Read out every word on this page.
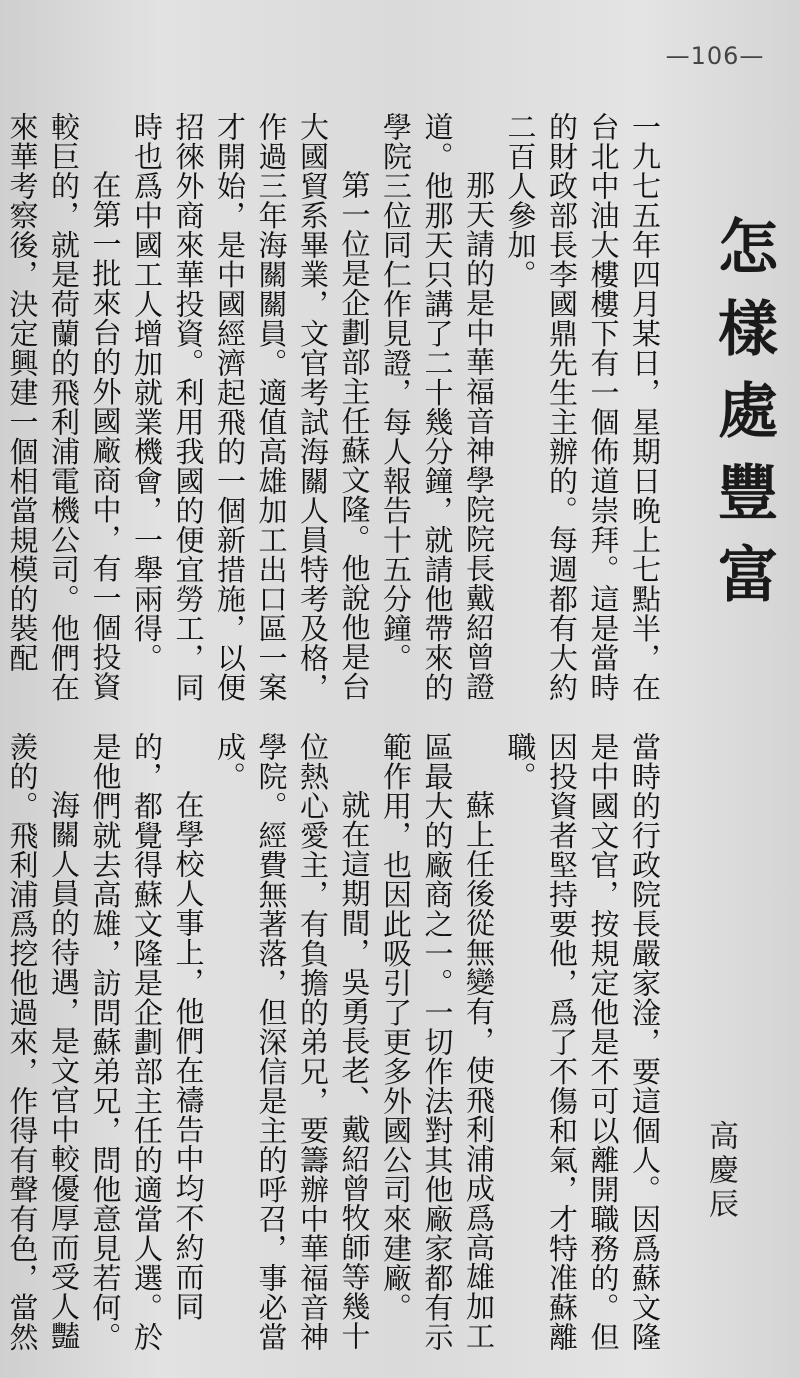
—106—
怎樣處豐富

一九七五年四月某日，星期日晚上七點半，在台北中油大樓樓下有一個佈道崇拜。這是當時的財政部長李國鼎先生主辦的。每週都有大約二百人參加。

那天請的是中華福音神學院院長戴紹曾證道。他那天只講了二十幾分鐘，就請他帶來的學院三位同仁作見證，每人報告十五分鐘。

第一位是企劃部主任蘇文隆。他說他是台大國貿系畢業，文官考試海關人員特考及格，作過三年海關關員。適值高雄加工出口區一案才開始，是中國經濟起飛的一個新措施，以便招徠外商來華投資。利用我國的便宜勞工，同時也爲中國工人增加就業機會，一舉兩得。

在第一批來台的外國廠商中，有一個投資較巨的，就是荷蘭的飛利浦電機公司。他們在來華考察後，決定興建一個相當規模的裝配

高慶辰

當時的行政院長嚴家淦，要這個人。因爲蘇文隆是中國文官，按規定他是不可以離開職務的。但因投資者堅持要他，爲了不傷和氣，才特准蘇離職。

蘇上任後從無變有，使飛利浦成爲高雄加工區最大的廠商之一。一切作法對其他廠家都有示範作用，也因此吸引了更多外國公司來建廠。

就在這期間，吳勇長老、戴紹曾牧師等幾十位熱心愛主，有負擔的弟兄，要籌辦中華福音神學院。經費無著落，但深信是主的呼召，事必當成。

在學校人事上，他們在禱告中均不約而同的，都覺得蘇文隆是企劃部主任的適當人選。於是他們就去高雄，訪問蘇弟兄，問他意見若何。

海關人員的待遇，是文官中較優厚而受人豔羨的。飛利浦爲挖他過來，作得有聲有色，當然
